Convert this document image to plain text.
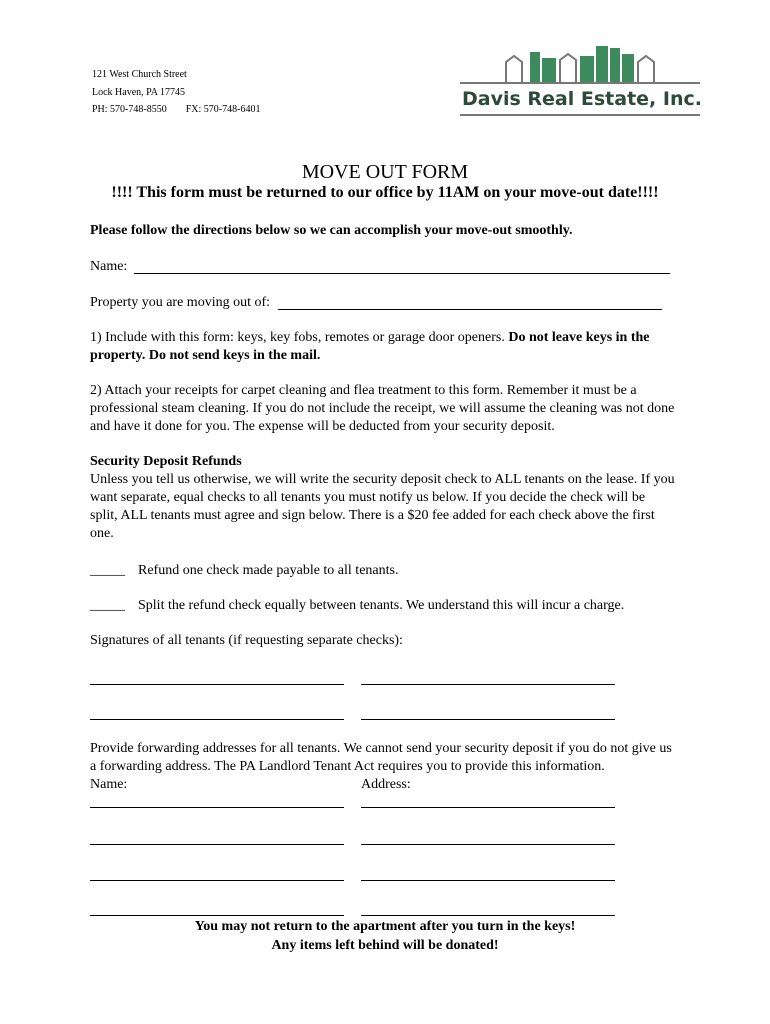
121 West Church Street
Lock Haven, PA 17745
PH: 570-748-8550 FX: 570-748-6401	Davis Real Estate, Inc.
MOVE OUT FORM
!!!! This form must be returned to our office by 11AM on your move-out date!!!!
Please follow the directions below so we can accomplish your move-out smoothly.
Name:
Property you are moving out of:
1) Include with this form: keys, key fobs, remotes or garage door openers. Do not leave keys in the property. Do not send keys in the mail.
2) Attach your receipts for carpet cleaning and flea treatment to this form. Remember it must be a professional steam cleaning. If you do not include the receipt, we will assume the cleaning was not done and have it done for you. The expense will be deducted from your security deposit.
Security Deposit Refunds
Unless you tell us otherwise, we will write the security deposit check to ALL tenants on the lease. If you want separate, equal checks to all tenants you must notify us below. If you decide the check will be split, ALL tenants must agree and sign below. There is a $20 fee added for each check above the first one.
_____ Refund one check made payable to all tenants.
_____ Split the refund check equally between tenants. We understand this will incur a charge.
Signatures of all tenants (if requesting separate checks):
Provide forwarding addresses for all tenants. We cannot send your security deposit if you do not give us a forwarding address. The PA Landlord Tenant Act requires you to provide this information.
Name:	Address:
You may not return to the apartment after you turn in the keys!
Any items left behind will be donated!
